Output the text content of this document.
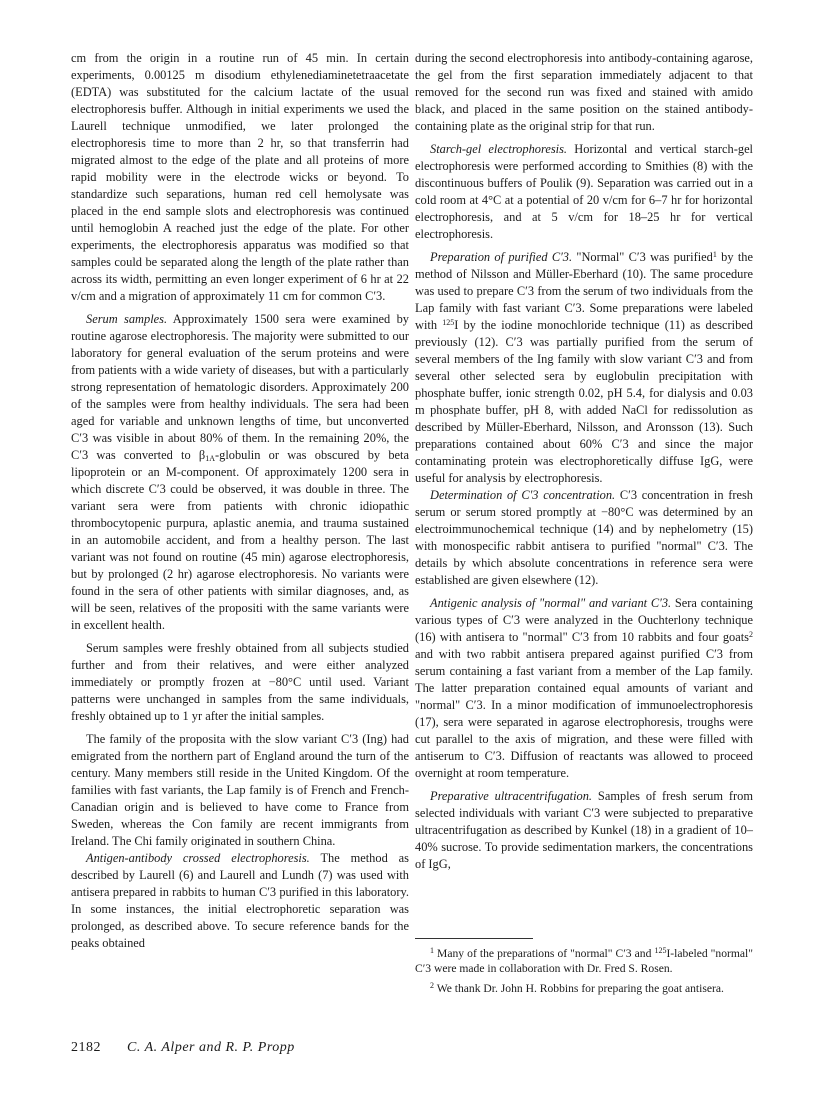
cm from the origin in a routine run of 45 min. In certain experiments, 0.00125 m disodium ethylenediaminetetraacetate (EDTA) was substituted for the calcium lactate of the usual electrophoresis buffer. Although in initial experiments we used the Laurell technique unmodified, we later prolonged the electrophoresis time to more than 2 hr, so that transferrin had migrated almost to the edge of the plate and all proteins of more rapid mobility were in the electrode wicks or beyond. To standardize such separations, human red cell hemolysate was placed in the end sample slots and electrophoresis was continued until hemoglobin A reached just the edge of the plate. For other experiments, the electrophoresis apparatus was modified so that samples could be separated along the length of the plate rather than across its width, permitting an even longer experiment of 6 hr at 22 v/cm and a migration of approximately 11 cm for common C′3.

Serum samples. Approximately 1500 sera were examined by routine agarose electrophoresis. The majority were submitted to our laboratory for general evaluation of the serum proteins and were from patients with a wide variety of diseases, but with a particularly strong representation of hematologic disorders. Approximately 200 of the samples were from healthy individuals. The sera had been aged for variable and unknown lengths of time, but unconverted C′3 was visible in about 80% of them. In the remaining 20%, the C′3 was converted to $\beta_{1A}$-globulin or was obscured by beta lipoprotein or an M-component. Of approximately 1200 sera in which discrete C′3 could be observed, it was double in three. The variant sera were from patients with chronic idiopathic thrombocytopenic purpura, aplastic anemia, and trauma sustained in an automobile accident, and from a healthy person. The last variant was not found on routine (45 min) agarose electrophoresis, but by prolonged (2 hr) agarose electrophoresis. No variants were found in the sera of other patients with similar diagnoses, and, as will be seen, relatives of the propositi with the same variants were in excellent health.

Serum samples were freshly obtained from all subjects studied further and from their relatives, and were either analyzed immediately or promptly frozen at −80°C until used. Variant patterns were unchanged in samples from the same individuals, freshly obtained up to 1 yr after the initial samples.

The family of the proposita with the slow variant C′3 (Ing) had emigrated from the northern part of England around the turn of the century. Many members still reside in the United Kingdom. Of the families with fast variants, the Lap family is of French and French-Canadian origin and is believed to have come to France from Sweden, whereas the Con family are recent immigrants from Ireland. The Chi family originated in southern China.

Antigen-antibody crossed electrophoresis. The method as described by Laurell (6) and Laurell and Lundh (7) was used with antisera prepared in rabbits to human C′3 purified in this laboratory. In some instances, the initial electrophoretic separation was prolonged, as described above. To secure reference bands for the peaks obtained

during the second electrophoresis into antibody-containing agarose, the gel from the first separation immediately adjacent to that removed for the second run was fixed and stained with amido black, and placed in the same position on the stained antibody-containing plate as the original strip for that run.

Starch-gel electrophoresis. Horizontal and vertical starch-gel electrophoresis were performed according to Smithies (8) with the discontinuous buffers of Poulik (9). Separation was carried out in a cold room at 4°C at a potential of 20 v/cm for 6–7 hr for horizontal electrophoresis, and at 5 v/cm for 18–25 hr for vertical electrophoresis.

Preparation of purified C′3. "Normal" C′3 was purified$^1$ by the method of Nilsson and Müller-Eberhard (10). The same procedure was used to prepare C′3 from the serum of two individuals from the Lap family with fast variant C′3. Some preparations were labeled with $^{125}$I by the iodine monochloride technique (11) as described previously (12). C′3 was partially purified from the serum of several members of the Ing family with slow variant C′3 and from several other selected sera by euglobulin precipitation with phosphate buffer, ionic strength 0.02, pH 5.4, for dialysis and 0.03 m phosphate buffer, pH 8, with added NaCl for redissolution as described by Müller-Eberhard, Nilsson, and Aronsson (13). Such preparations contained about 60% C′3 and since the major contaminating protein was electrophoretically diffuse IgG, were useful for analysis by electrophoresis.

Determination of C′3 concentration. C′3 concentration in fresh serum or serum stored promptly at −80°C was determined by an electroimmunochemical technique (14) and by nephelometry (15) with monospecific rabbit antisera to purified "normal" C′3. The details by which absolute concentrations in reference sera were established are given elsewhere (12).

Antigenic analysis of "normal" and variant C′3. Sera containing various types of C′3 were analyzed in the Ouchterlony technique (16) with antisera to "normal" C′3 from 10 rabbits and four goats$^2$ and with two rabbit antisera prepared against purified C′3 from serum containing a fast variant from a member of the Lap family. The latter preparation contained equal amounts of variant and "normal" C′3. In a minor modification of immunoelectrophoresis (17), sera were separated in agarose electrophoresis, troughs were cut parallel to the axis of migration, and these were filled with antiserum to C′3. Diffusion of reactants was allowed to proceed overnight at room temperature.

Preparative ultracentrifugation. Samples of fresh serum from selected individuals with variant C′3 were subjected to preparative ultracentrifugation as described by Kunkel (18) in a gradient of 10–40% sucrose. To provide sedimentation markers, the concentrations of IgG,

$^1$ Many of the preparations of "normal" C′3 and $^{125}$I-labeled "normal" C′3 were made in collaboration with Dr. Fred S. Rosen.

$^2$ We thank Dr. John H. Robbins for preparing the goat antisera.

2182 C. A. Alper and R. P. Propp
